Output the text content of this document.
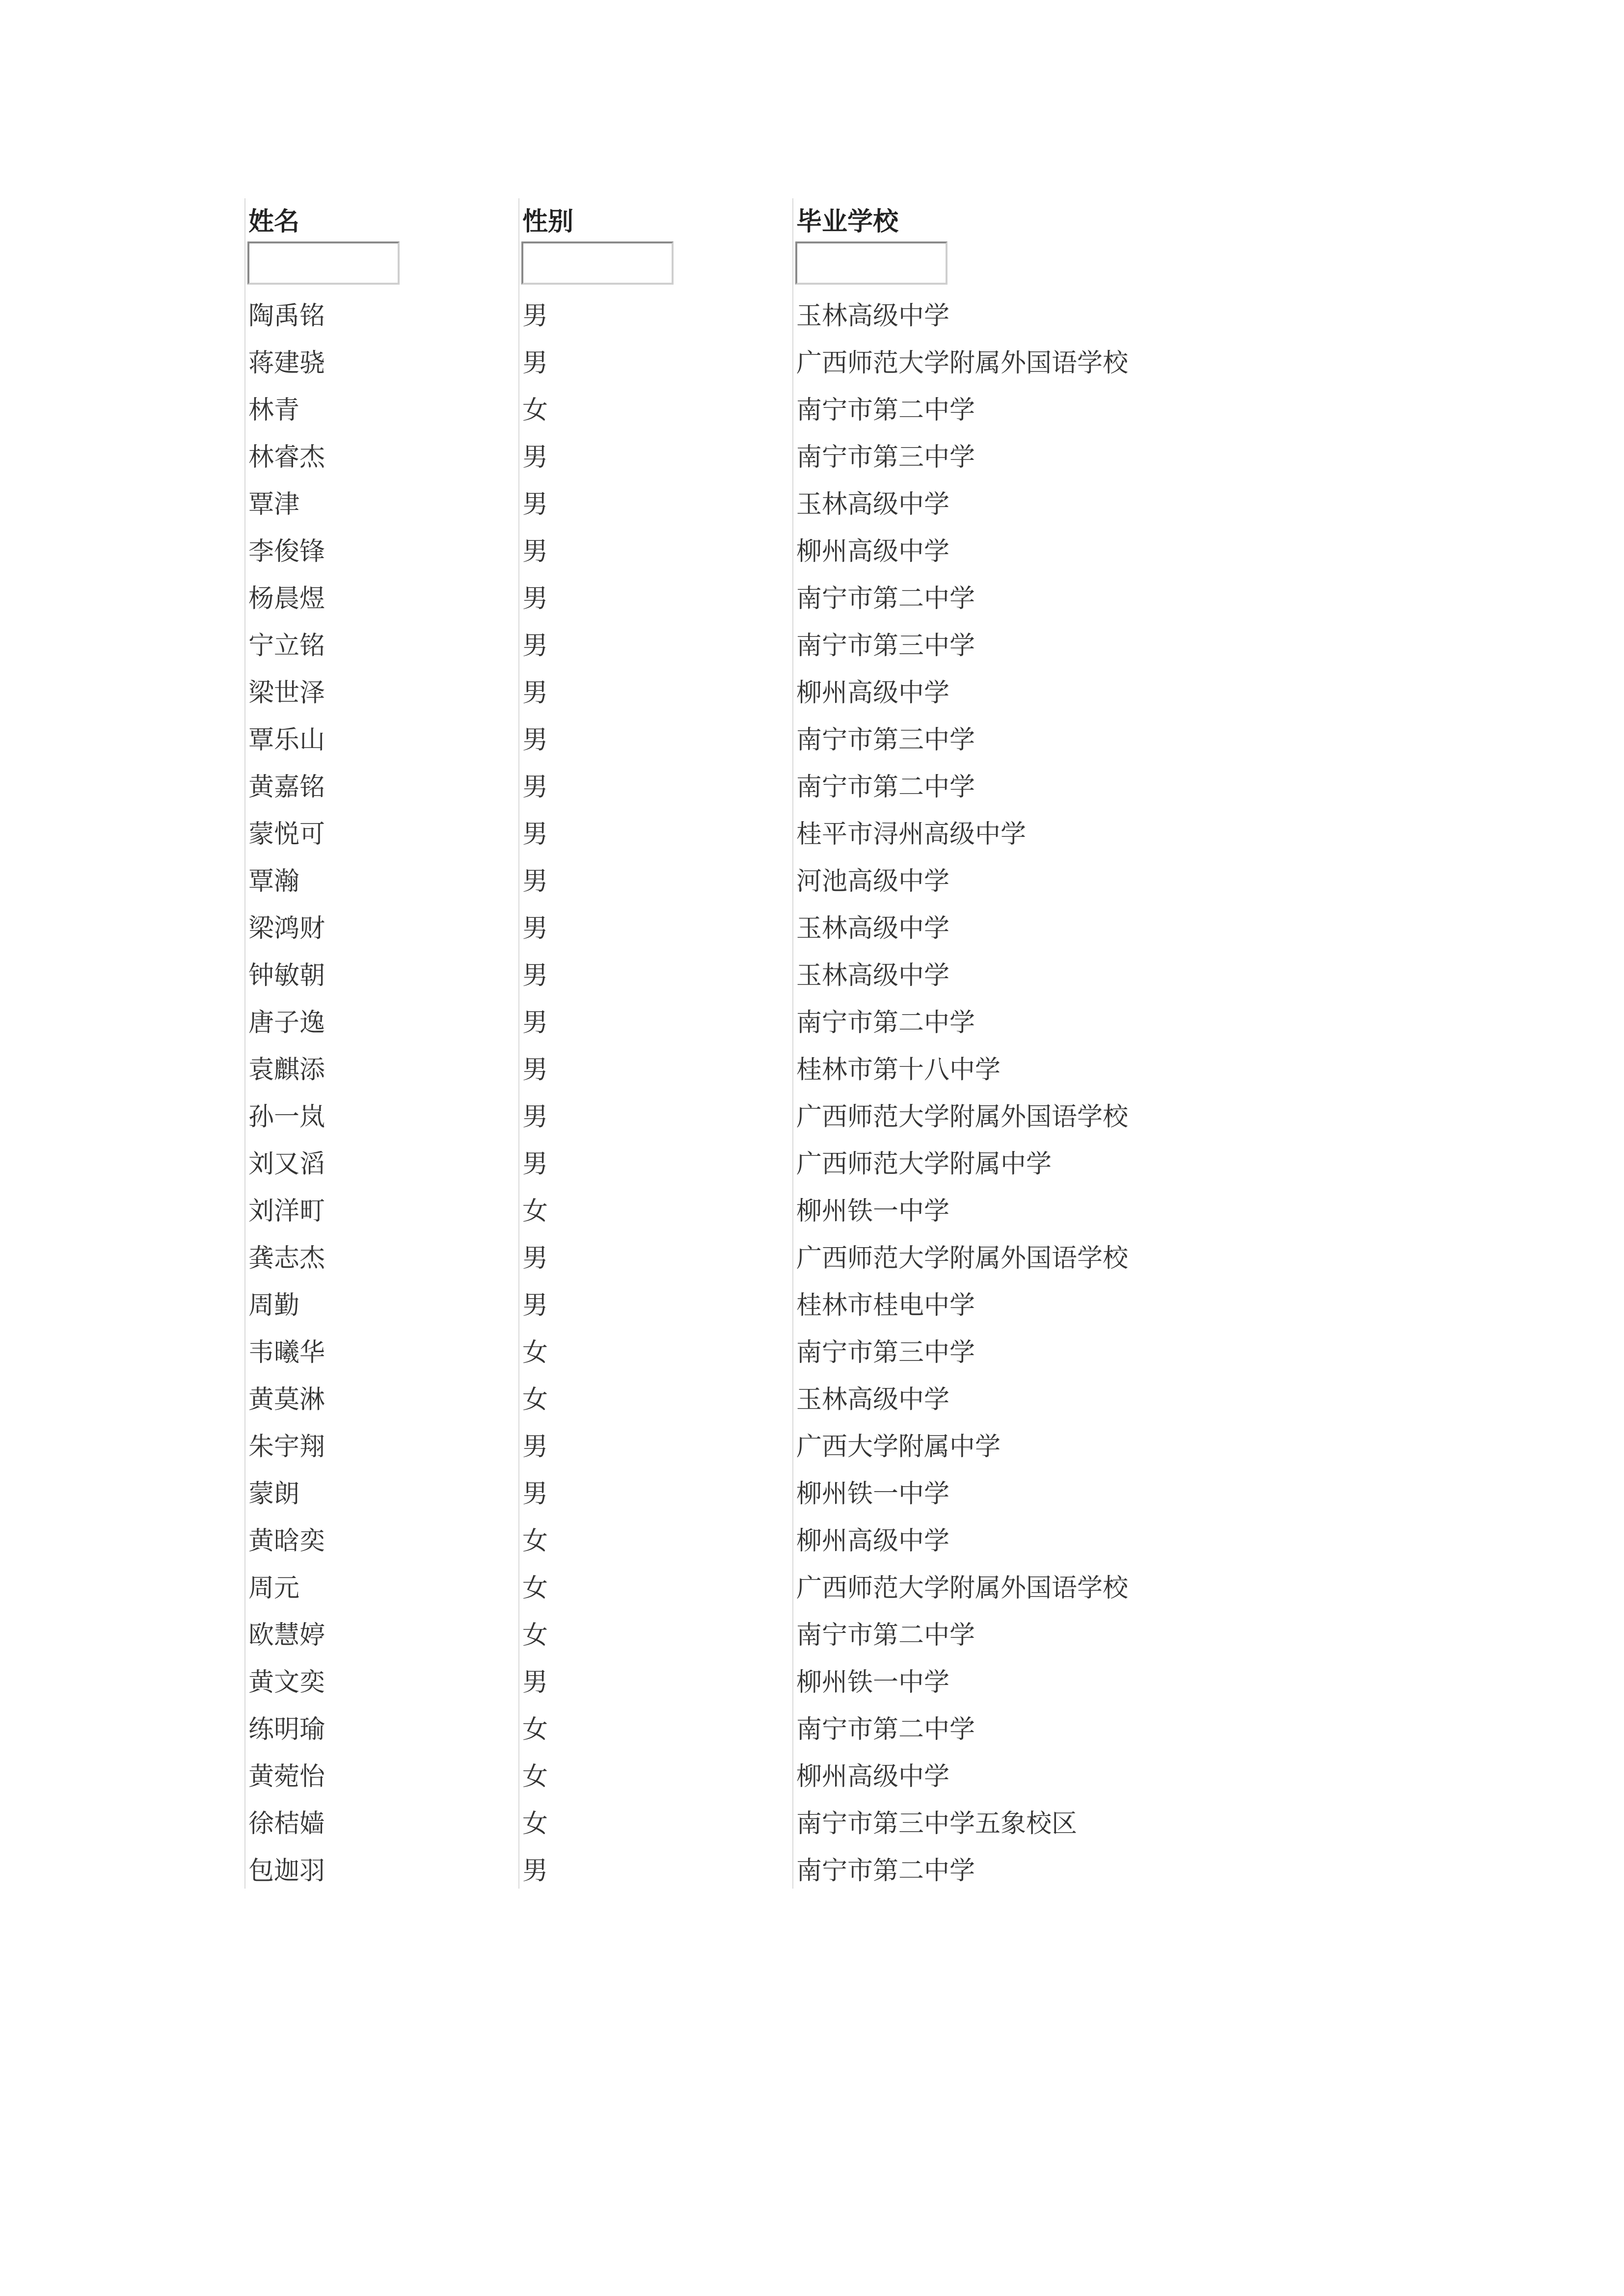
姓名	性别	毕业学校
陶禹铭	男	玉林高级中学
蒋建骁	男	广西师范大学附属外国语学校
林青	女	南宁市第二中学
林睿杰	男	南宁市第三中学
覃津	男	玉林高级中学
李俊锋	男	柳州高级中学
杨晨煜	男	南宁市第二中学
宁立铭	男	南宁市第三中学
梁世泽	男	柳州高级中学
覃乐山	男	南宁市第三中学
黄嘉铭	男	南宁市第二中学
蒙悦可	男	桂平市浔州高级中学
覃瀚	男	河池高级中学
梁鸿财	男	玉林高级中学
钟敏朝	男	玉林高级中学
唐子逸	男	南宁市第二中学
袁麒添	男	桂林市第十八中学
孙一岚	男	广西师范大学附属外国语学校
刘又滔	男	广西师范大学附属中学
刘洋町	女	柳州铁一中学
龚志杰	男	广西师范大学附属外国语学校
周勤	男	桂林市桂电中学
韦曦华	女	南宁市第三中学
黄莫淋	女	玉林高级中学
朱宇翔	男	广西大学附属中学
蒙朗	男	柳州铁一中学
黄晗奕	女	柳州高级中学
周元	女	广西师范大学附属外国语学校
欧慧婷	女	南宁市第二中学
黄文奕	男	柳州铁一中学
练明瑜	女	南宁市第二中学
黄菀怡	女	柳州高级中学
徐桔嫱	女	南宁市第三中学五象校区
包迦羽	男	南宁市第二中学
